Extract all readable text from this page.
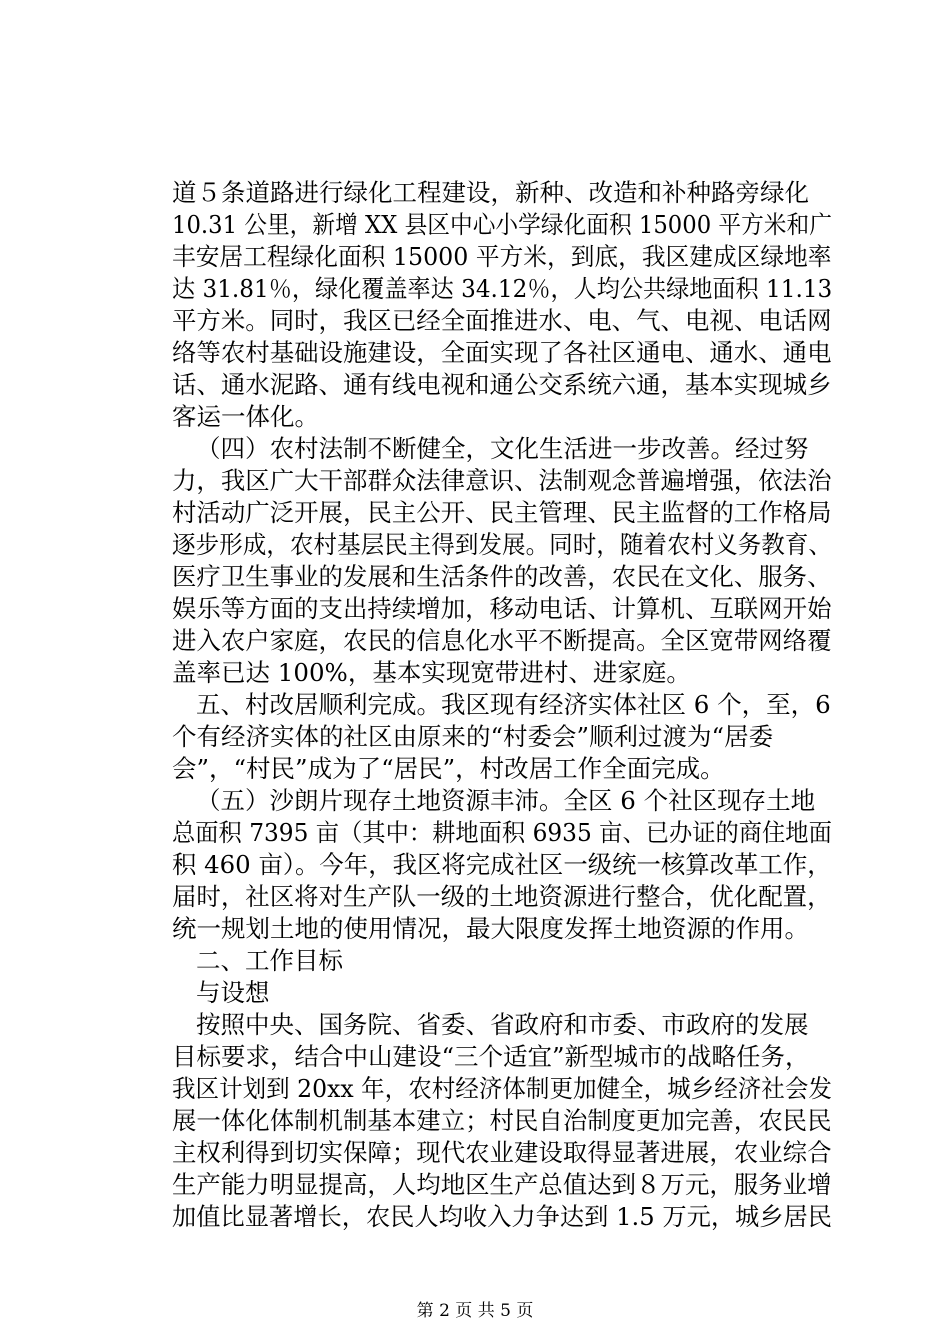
道５条道路进行绿化工程建设，新种、改造和补种路旁绿化
10.31 公里，新增 XX 县区中心小学绿化面积 15000 平方米和广
丰安居工程绿化面积 15000 平方米，到底，我区建成区绿地率
达 31.81％，绿化覆盖率达 34.12％，人均公共绿地面积 11.13
平方米。同时，我区已经全面推进水、电、气、电视、电话网
络等农村基础设施建设，全面实现了各社区通电、通水、通电
话、通水泥路、通有线电视和通公交系统六通，基本实现城乡
客运一体化。
（四）农村法制不断健全，文化生活进一步改善。经过努
力，我区广大干部群众法律意识、法制观念普遍增强，依法治
村活动广泛开展，民主公开、民主管理、民主监督的工作格局
逐步形成，农村基层民主得到发展。同时，随着农村义务教育、
医疗卫生事业的发展和生活条件的改善，农民在文化、服务、
娱乐等方面的支出持续增加，移动电话、计算机、互联网开始
进入农户家庭，农民的信息化水平不断提高。全区宽带网络覆
盖率已达 100%，基本实现宽带进村、进家庭。
五、村改居顺利完成。我区现有经济实体社区 6 个，至，6
个有经济实体的社区由原来的“村委会”顺利过渡为“居委
会”，“村民”成为了“居民”，村改居工作全面完成。
（五）沙朗片现存土地资源丰沛。全区 6 个社区现存土地
总面积 7395 亩（其中：耕地面积 6935 亩、已办证的商住地面
积 460 亩）。今年，我区将完成社区一级统一核算改革工作，
届时，社区将对生产队一级的土地资源进行整合，优化配置，
统一规划土地的使用情况，最大限度发挥土地资源的作用。
二、工作目标
与设想
按照中央、国务院、省委、省政府和市委、市政府的发展
目标要求，结合中山建设“三个适宜”新型城市的战略任务，
我区计划到 20xx 年，农村经济体制更加健全，城乡经济社会发
展一体化体制机制基本建立；村民自治制度更加完善，农民民
主权利得到切实保障；现代农业建设取得显著进展，农业综合
生产能力明显提高，人均地区生产总值达到８万元，服务业增
加值比显著增长，农民人均收入力争达到 1.5 万元，城乡居民
第 2 页 共 5 页
